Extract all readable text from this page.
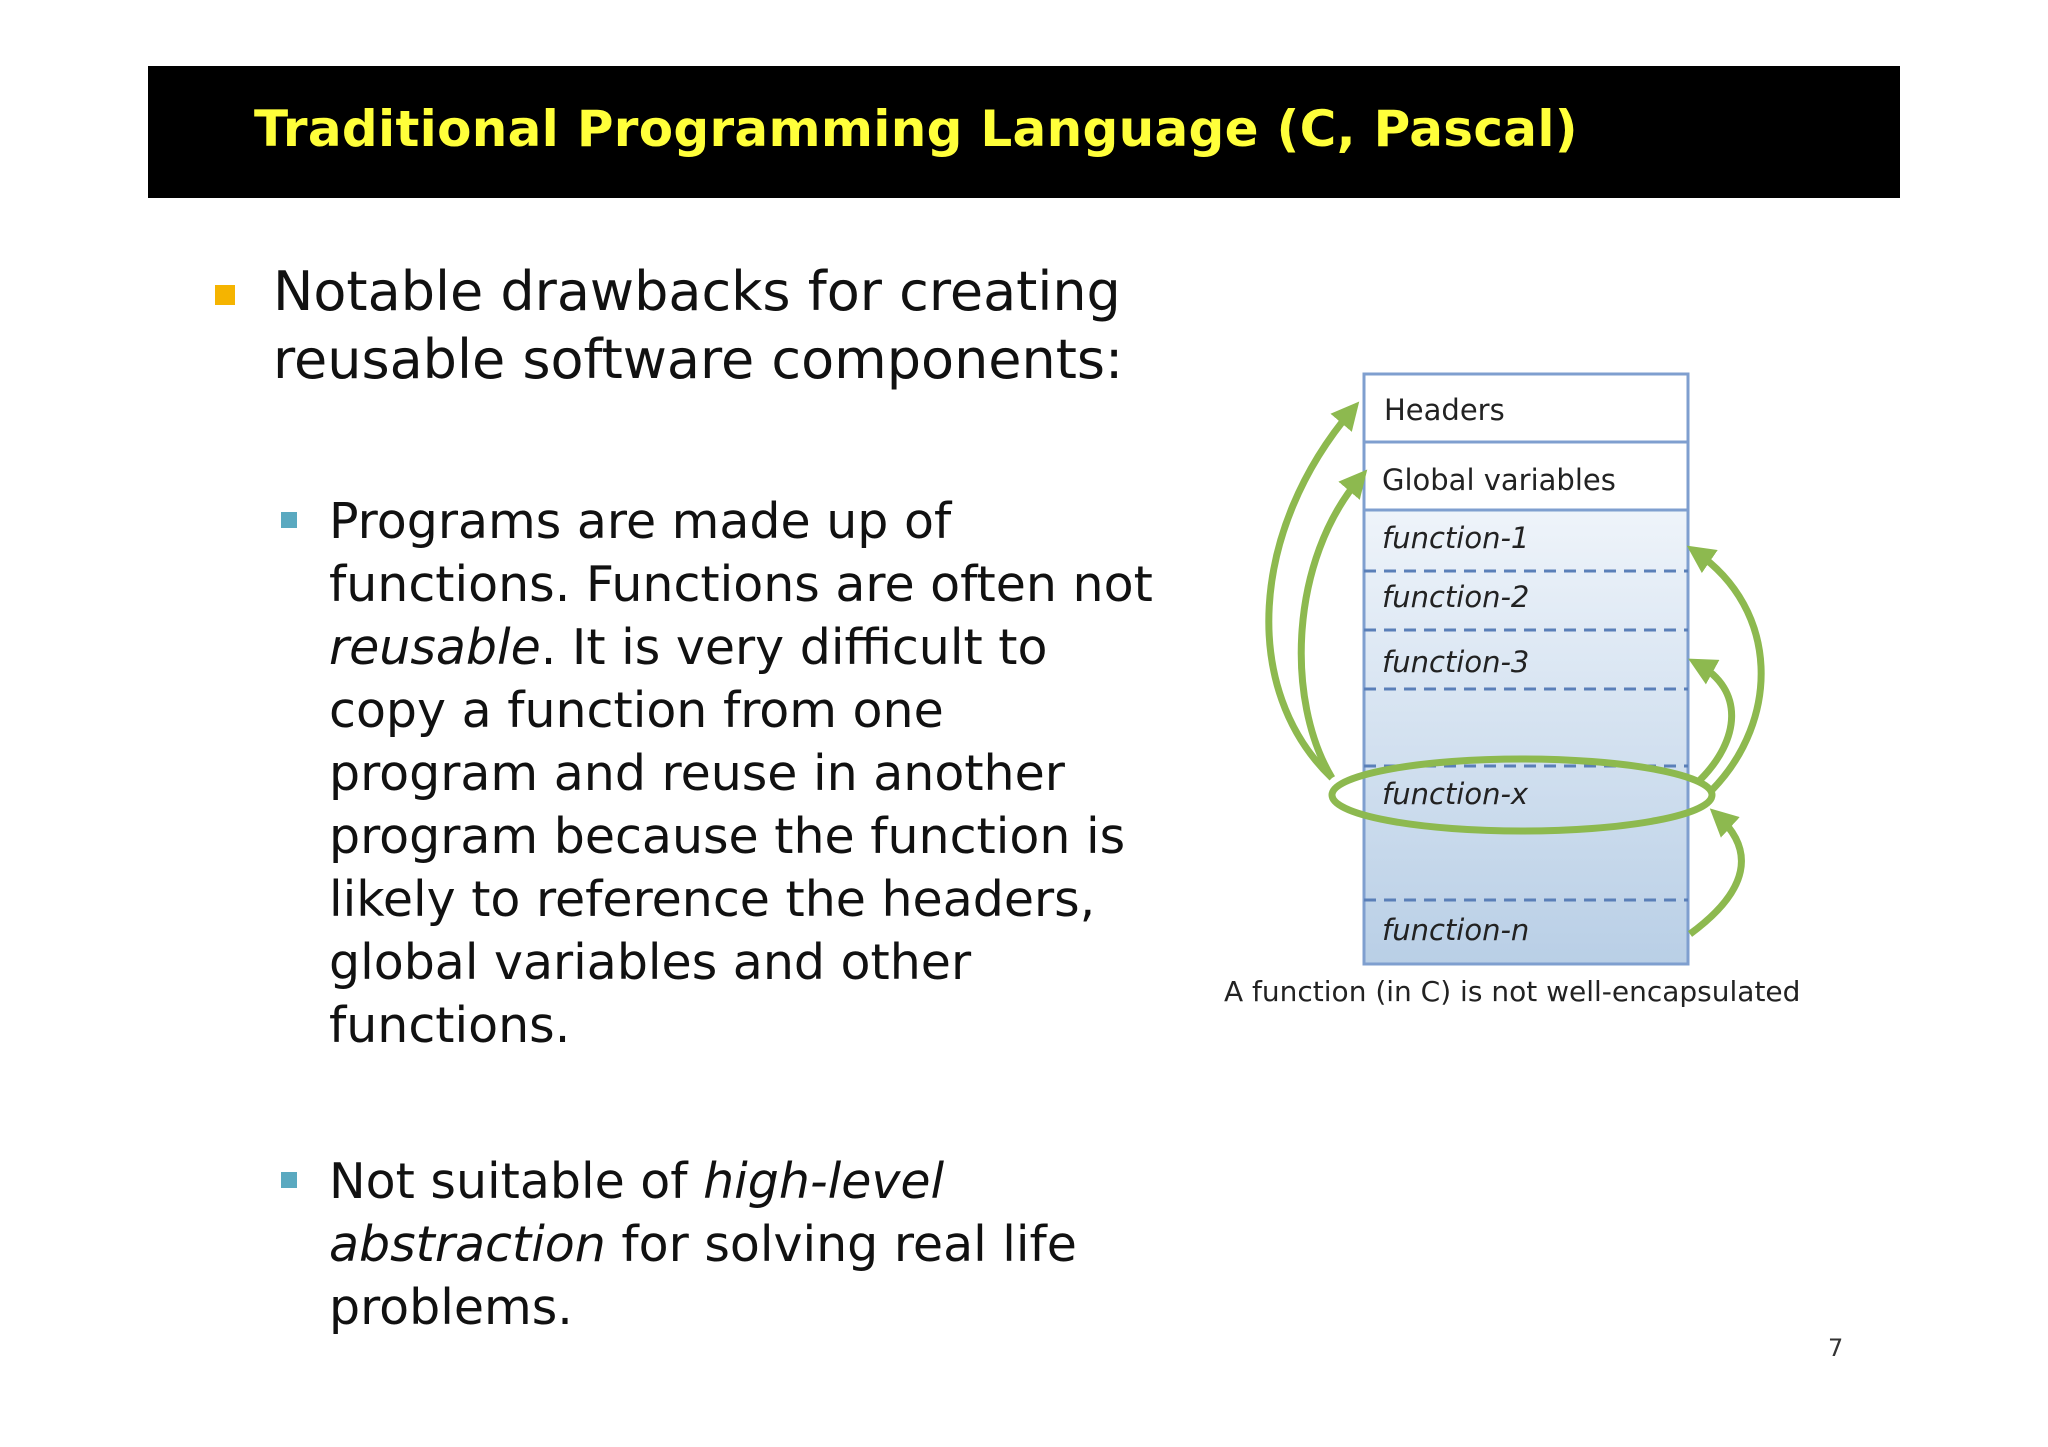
Traditional Programming Language (C, Pascal)
Notable drawbacks for creating
reusable software components:
Programs are made up of
functions. Functions are often not
reusable. It is very difficult to
copy a function from one
program and reuse in another
program because the function is
likely to reference the headers,
global variables and other
functions.
Not suitable of high-level
abstraction for solving real life
problems.
Headers
Global variables
function-1
function-2
function-3
function-x
function-n
A function (in C) is not well-encapsulated
7
